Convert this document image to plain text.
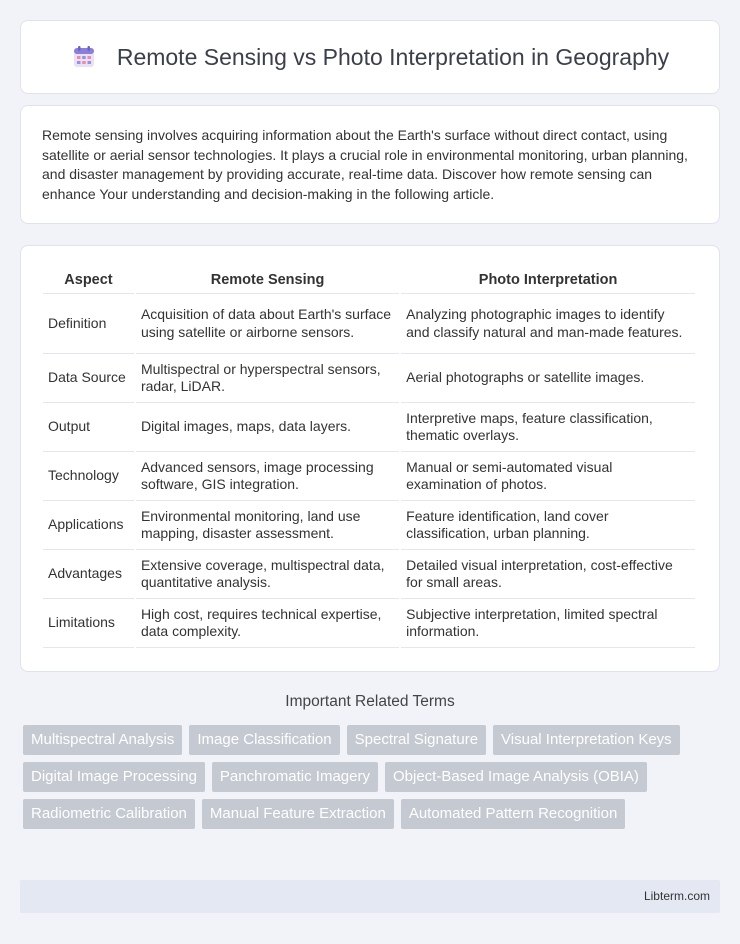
Remote Sensing vs Photo Interpretation in Geography

Remote sensing involves acquiring information about the Earth's surface without direct contact, using satellite or aerial sensor technologies. It plays a crucial role in environmental monitoring, urban planning, and disaster management by providing accurate, real-time data. Discover how remote sensing can enhance Your understanding and decision-making in the following article.

Aspect	Remote Sensing	Photo Interpretation
Definition	Acquisition of data about Earth's surface using satellite or airborne sensors.	Analyzing photographic images to identify and classify natural and man-made features.
Data Source	Multispectral or hyperspectral sensors, radar, LiDAR.	Aerial photographs or satellite images.
Output	Digital images, maps, data layers.	Interpretive maps, feature classification, thematic overlays.
Technology	Advanced sensors, image processing software, GIS integration.	Manual or semi-automated visual examination of photos.
Applications	Environmental monitoring, land use mapping, disaster assessment.	Feature identification, land cover classification, urban planning.
Advantages	Extensive coverage, multispectral data, quantitative analysis.	Detailed visual interpretation, cost-effective for small areas.
Limitations	High cost, requires technical expertise, data complexity.	Subjective interpretation, limited spectral information.
Important Related Terms
Multispectral Analysis	Image Classification	Spectral Signature	Visual Interpretation Keys
Digital Image Processing	Panchromatic Imagery	Object-Based Image Analysis (OBIA)
Radiometric Calibration	Manual Feature Extraction	Automated Pattern Recognition
Libterm.com
